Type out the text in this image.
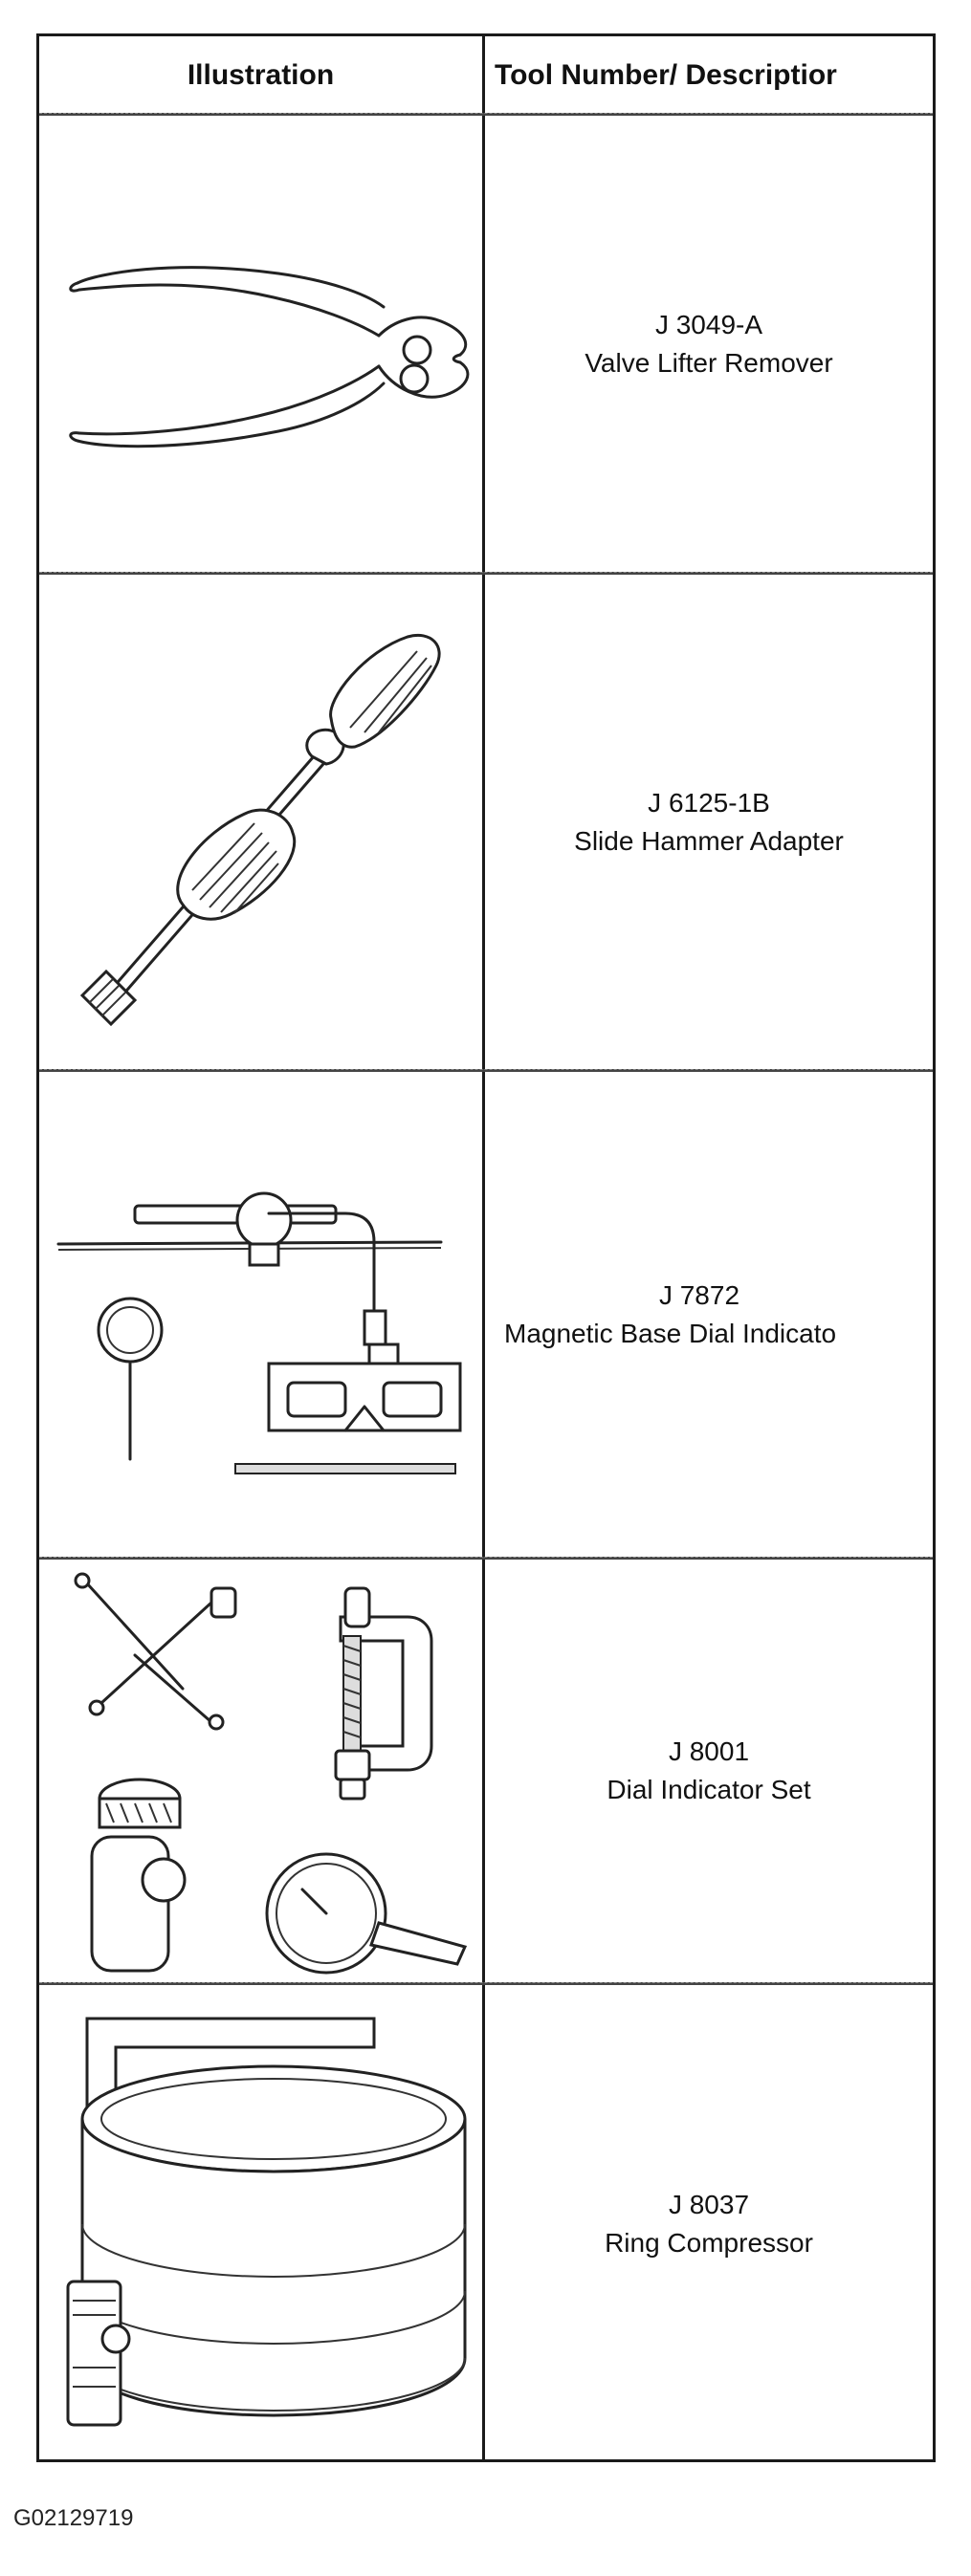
Illustration	Tool Number/ Descriptior
J 3049-A
Valve Lifter Remover
J 6125-1B
Slide Hammer Adapter
J 7872
Magnetic Base Dial Indicato
J 8001
Dial Indicator Set
J 8037
Ring Compressor
G02129719
